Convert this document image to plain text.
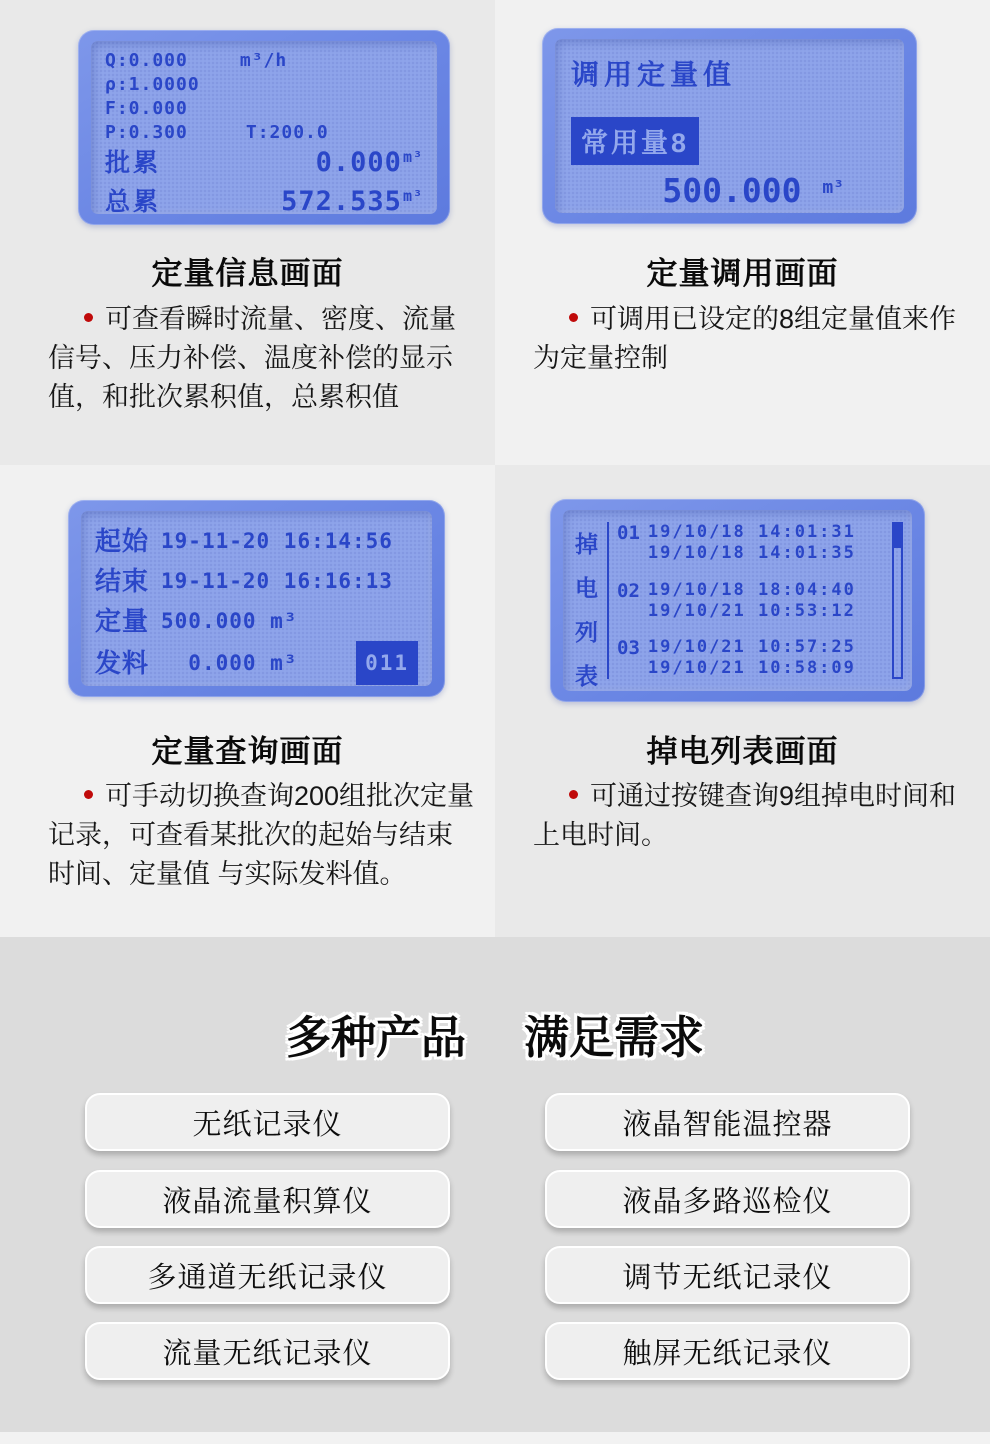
Q:0.000	m³/h
ρ:1.0000
F:0.000
P:0.300	T:200.0
批累	$0.000^{m^3}$
总累	$572.535^{m^3}$
定量信息画面

可查看瞬时流量、密度、流量信号、压力补偿、温度补偿的显示值，和批次累积值，总累积值

调用定量值
常用量8
500.000 $^{m^3}$
定量调用画面

可调用已设定的8组定量值来作为定量控制

起始 19-11-20 16:14:56
结束 19-11-20 16:16:13
定量 500.000 m³
发料 0.000 m³	011
定量查询画面

可手动切换查询200组批次定量记录，可查看某批次的起始与结束时间、定量值 与实际发料值。

掉电列表
01 19/10/18 14:01:31
19/10/18 14:01:35
02 19/10/18 18:04:40
19/10/21 10:53:12
03 19/10/21 10:57:25
19/10/21 10:58:09
掉电列表画面

可通过按键查询9组掉电时间和上电时间。

多种产品 满足需求
无纸记录仪
液晶流量积算仪
多通道无纸记录仪
流量无纸记录仪
液晶智能温控器
液晶多路巡检仪
调节无纸记录仪
触屏无纸记录仪
